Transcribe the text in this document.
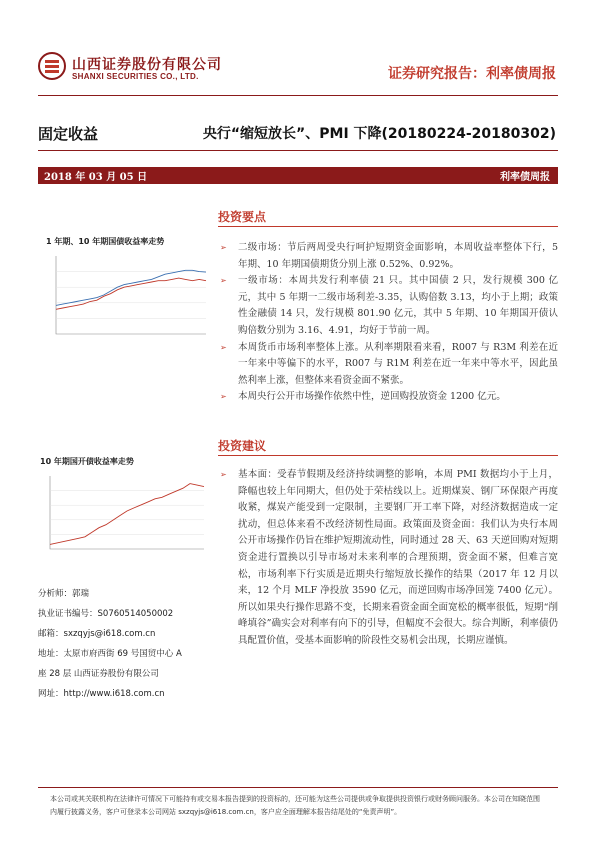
山西证券股份有限公司
SHANXI SECURITIES CO., LTD.	证券研究报告：利率债周报
固定收益	央行“缩短放长”、PMI 下降(20180224-20180302)
2018 年 03 月 05 日	利率债周报
投资要点
1 年期、10 年期国债收益率走势
➢ 二级市场：节后两周受央行呵护短期资金面影响，本周收益率整体下行，5 年期、10 年期国债期货分别上涨 0.52%、0.92%。
➢ 一级市场：本周共发行利率债 21 只。其中国债 2 只，发行规模 300 亿元，其中 5 年期一二级市场利差-3.35，认购倍数 3.13，均小于上期；政策性金融债 14 只，发行规模 801.90 亿元，其中 5 年期、10 年期国开债认购倍数分别为 3.16、4.91，均好于节前一周。
➢ 本周货币市场利率整体上涨。从利率期限看来看，R007 与 R3M 利差在近一年来中等偏下的水平，R007 与 R1M 利差在近一年来中等水平，因此虽然利率上涨，但整体来看资金面不紧张。
➢ 本周央行公开市场操作依然中性，逆回购投放资金 1200 亿元。
投资建议
10 年期国开债收益率走势
➢ 基本面：受春节假期及经济持续调整的影响，本周 PMI 数据均小于上月，降幅也较上年同期大，但仍处于荣枯线以上。近期煤炭、钢厂环保限产再度收紧，煤炭产能受到一定限制，主要钢厂开工率下降，对经济数据造成一定扰动，但总体来看不改经济韧性局面。政策面及资金面：我们认为央行本周公开市场操作仍旨在维护短期流动性，同时通过 28 天、63 天逆回购对短期资金进行置换以引导市场对未来利率的合理预期，资金面不紧，但难言宽松，市场利率下行实质是近期央行缩短放长操作的结果（2017 年 12 月以来，12 个月 MLF 净投放 3590 亿元，而逆回购市场净回笼 7400 亿元）。所以如果央行操作思路不变，长期来看资金面全面宽松的概率很低，短期“削峰填谷”确实会对利率有向下的引导，但幅度不会很大。综合判断，利率债仍具配置价值，受基本面影响的阶段性交易机会出现，长期应谨慎。
分析师：郭瑞
执业证书编号：S0760514050002
邮箱：sxzqyjs@i618.com.cn
地址：太原市府西街 69 号国贸中心 A
座 28 层 山西证券股份有限公司
网址：http://www.i618.com.cn
本公司或其关联机构在法律许可情况下可能持有或交易本报告提到的投资标的，还可能为这些公司提供或争取提供投资银行或财务顾问服务。本公司在知晓范围内履行披露义务，客户可登录本公司网站 sxzqyjs@i618.com.cn，客户应全面理解本报告结尾处的“免责声明”。
